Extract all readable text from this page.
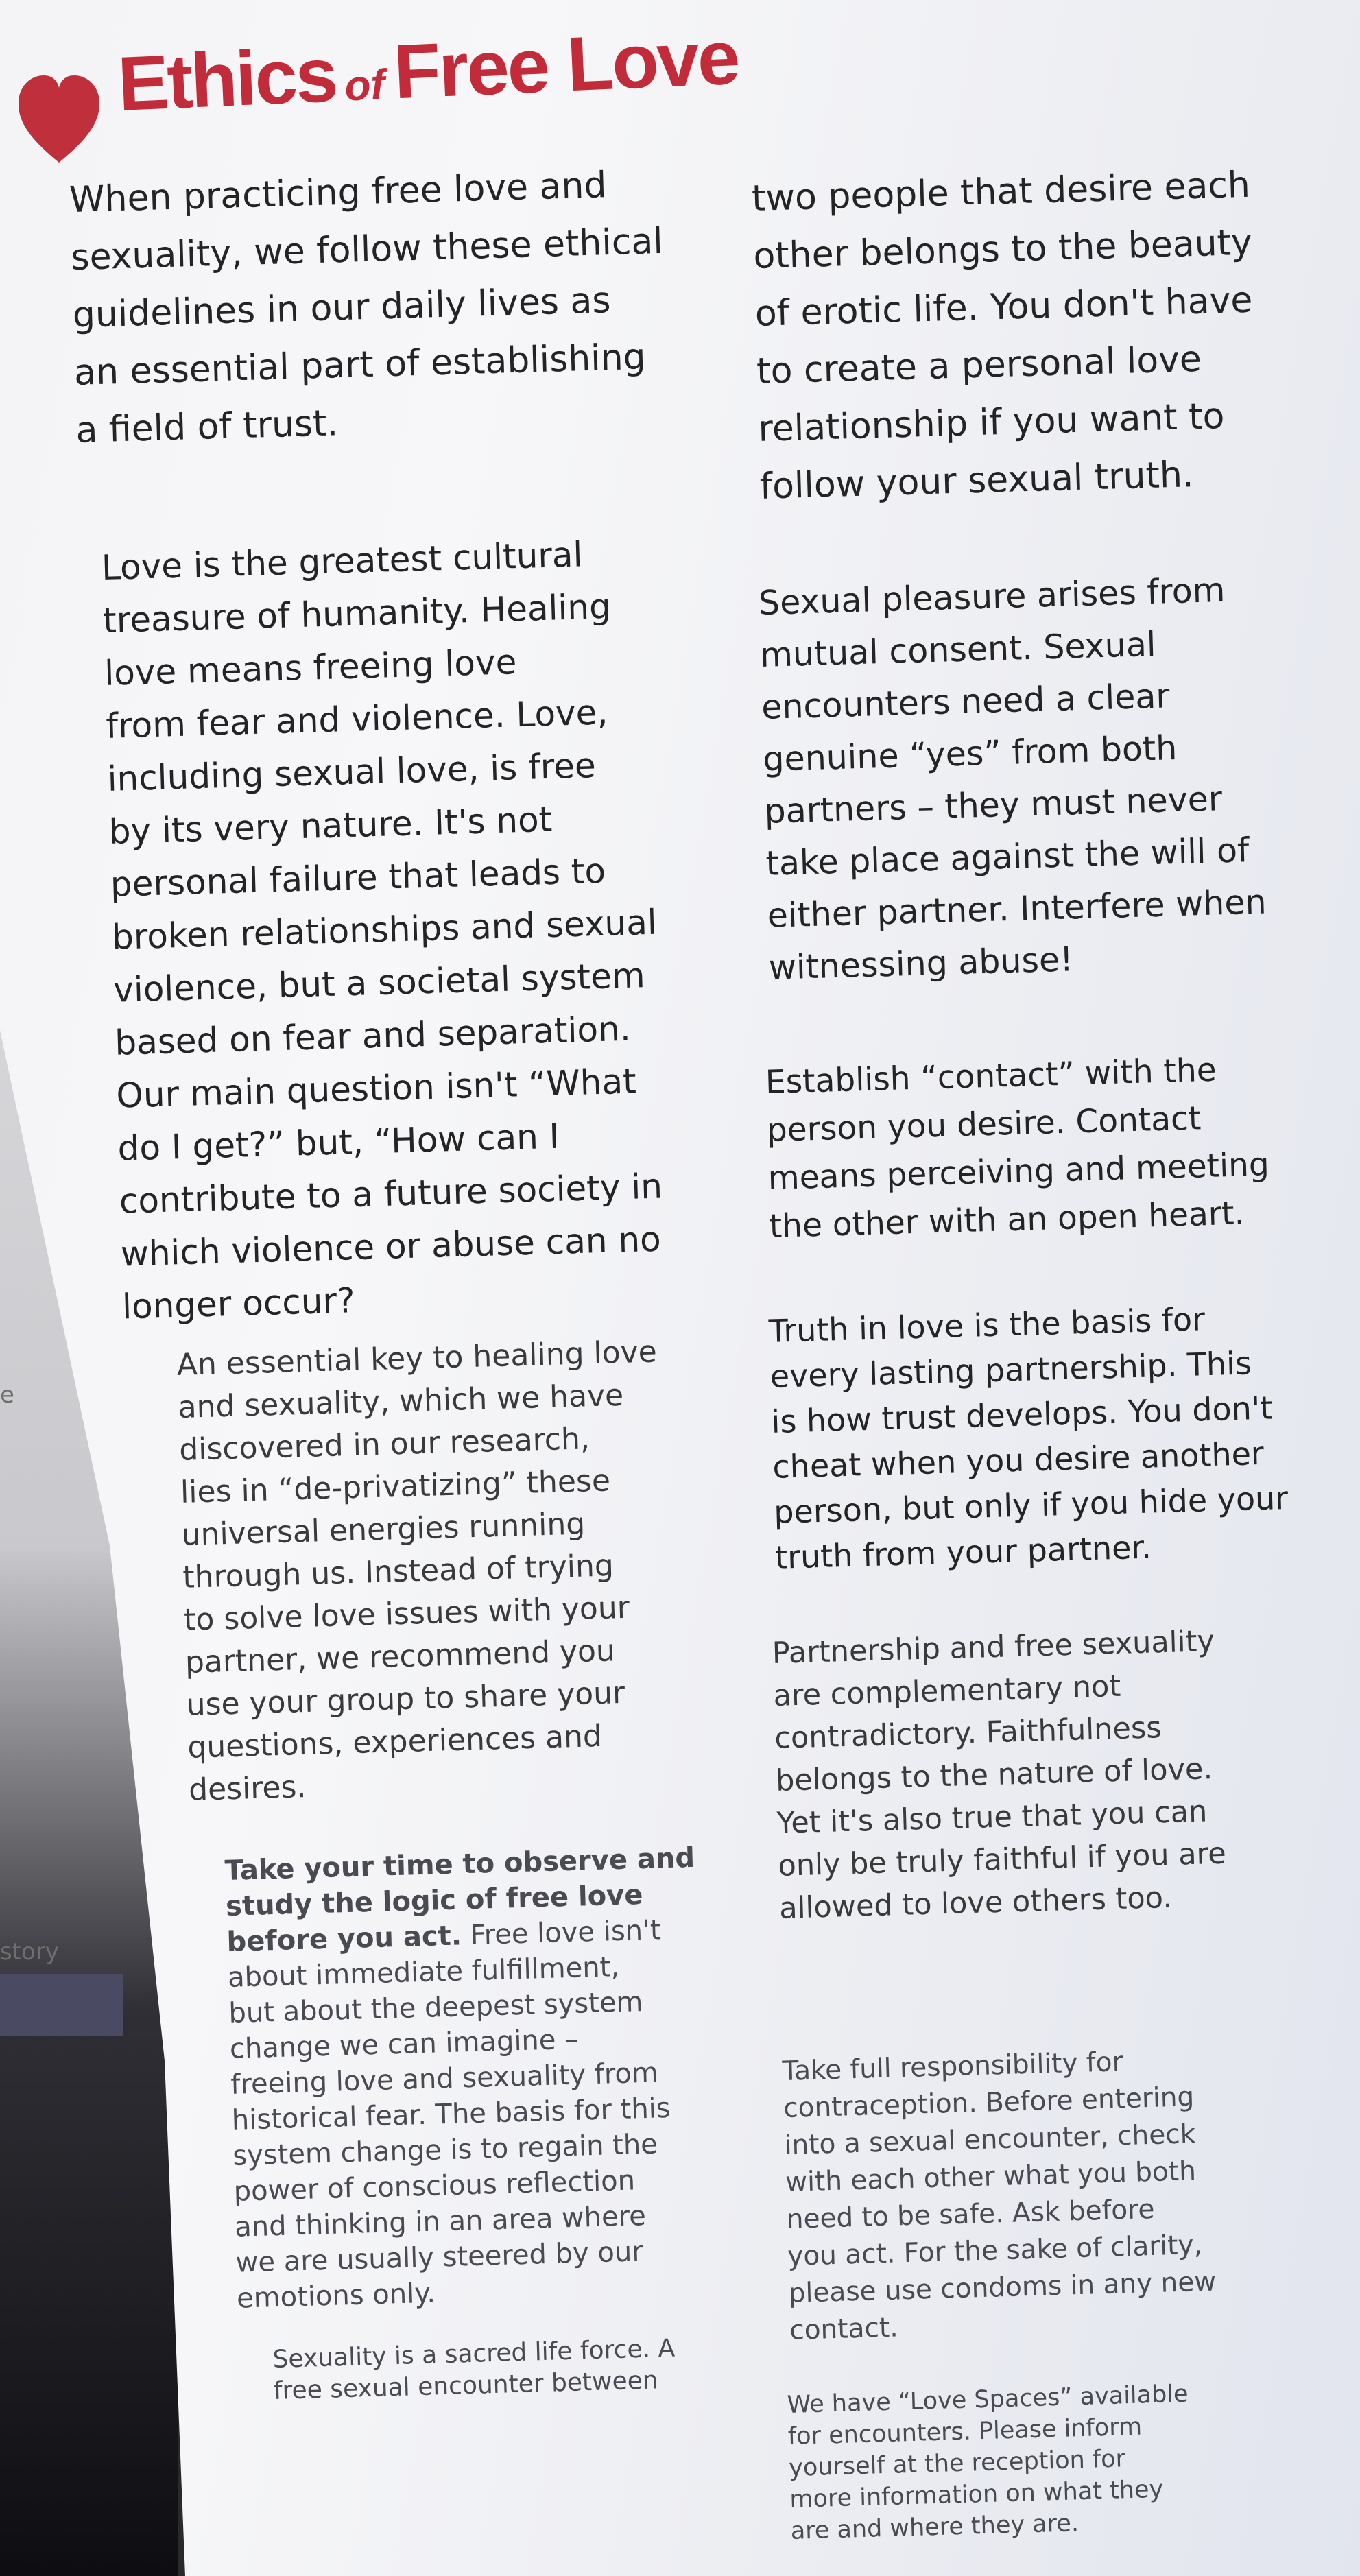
e
story
Ethics ofFree Love

When practicing free love and
sexuality, we follow these ethical
guidelines in our daily lives as
an essential part of establishing
a field of trust.

Love is the greatest cultural
treasure of humanity. Healing
love means freeing love
from fear and violence. Love,
including sexual love, is free
by its very nature. It's not
personal failure that leads to
broken relationships and sexual
violence, but a societal system
based on fear and separation.
Our main question isn't “What
do I get?” but, “How can I
contribute to a future society in
which violence or abuse can no
longer occur?

An essential key to healing love
and sexuality, which we have
discovered in our research,
lies in “de-privatizing” these
universal energies running
through us. Instead of trying
to solve love issues with your
partner, we recommend you
use your group to share your
questions, experiences and
desires.

Take your time to observe and
study the logic of free love
before you act. Free love isn't
about immediate fulfillment,
but about the deepest system
change we can imagine –
freeing love and sexuality from
historical fear. The basis for this
system change is to regain the
power of conscious reflection
and thinking in an area where
we are usually steered by our
emotions only.

Sexuality is a sacred life force. A
free sexual encounter between

two people that desire each
other belongs to the beauty
of erotic life. You don't have
to create a personal love
relationship if you want to
follow your sexual truth.

Sexual pleasure arises from
mutual consent. Sexual
encounters need a clear
genuine “yes” from both
partners – they must never
take place against the will of
either partner. Interfere when
witnessing abuse!

Establish “contact” with the
person you desire. Contact
means perceiving and meeting
the other with an open heart.

Truth in love is the basis for
every lasting partnership. This
is how trust develops. You don't
cheat when you desire another
person, but only if you hide your
truth from your partner.

Partnership and free sexuality
are complementary not
contradictory. Faithfulness
belongs to the nature of love.
Yet it's also true that you can
only be truly faithful if you are
allowed to love others too.

Take full responsibility for
contraception. Before entering
into a sexual encounter, check
with each other what you both
need to be safe. Ask before
you act. For the sake of clarity,
please use condoms in any new
contact.

We have “Love Spaces” available
for encounters. Please inform
yourself at the reception for
more information on what they
are and where they are.
